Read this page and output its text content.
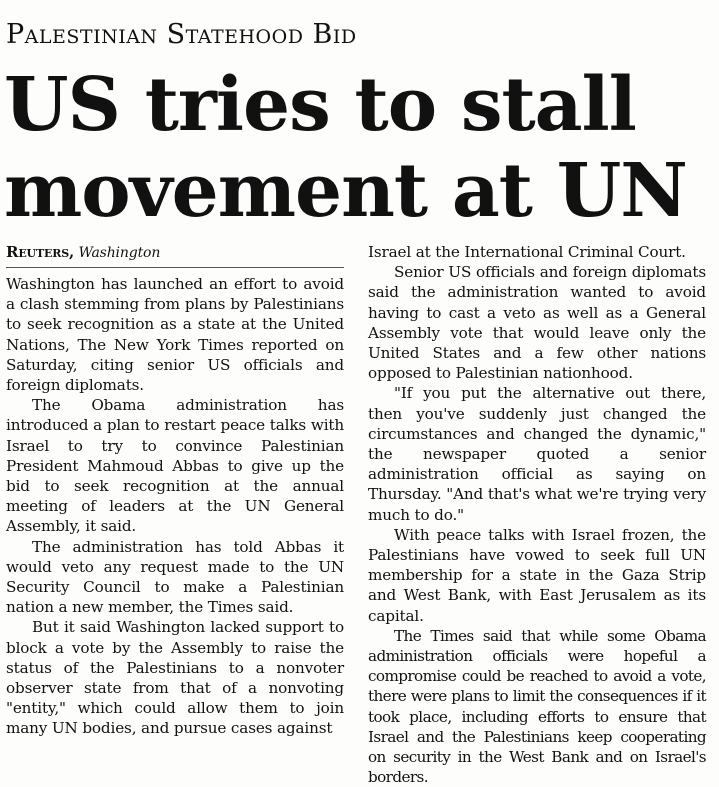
Palestinian Statehood Bid
US tries to stall
movement at UN
Reuters, Washington

Washington has launched an effort to avoid a clash stemming from plans by Palestinians to seek recognition as a state at the United Nations, The New York Times reported on Saturday, citing senior US officials and foreign diplomats.

The Obama administration has introduced a plan to restart peace talks with Israel to try to convince Palestinian President Mahmoud Abbas to give up the bid to seek recognition at the annual meeting of leaders at the UN General Assembly, it said.

The administration has told Abbas it would veto any request made to the UN Security Council to make a Palestinian nation a new member, the Times said.

But it said Washington lacked support to block a vote by the Assembly to raise the status of the Palestinians to a nonvoter observer state from that of a nonvoting "entity," which could allow them to join many UN bodies, and pursue cases against

Israel at the International Criminal Court.

Senior US officials and foreign diplomats said the administration wanted to avoid having to cast a veto as well as a General Assembly vote that would leave only the United States and a few other nations opposed to Palestinian nationhood.

"If you put the alternative out there, then you've suddenly just changed the circumstances and changed the dynamic," the newspaper quoted a senior administration official as saying on Thursday. "And that's what we're trying very much to do."

With peace talks with Israel frozen, the Palestinians have vowed to seek full UN membership for a state in the Gaza Strip and West Bank, with East Jerusalem as its capital.

The Times said that while some Obama administration officials were hopeful a compromise could be reached to avoid a vote, there were plans to limit the consequences if it took place, including efforts to ensure that Israel and the Palestinians keep cooperating on security in the West Bank and on Israel's borders.
